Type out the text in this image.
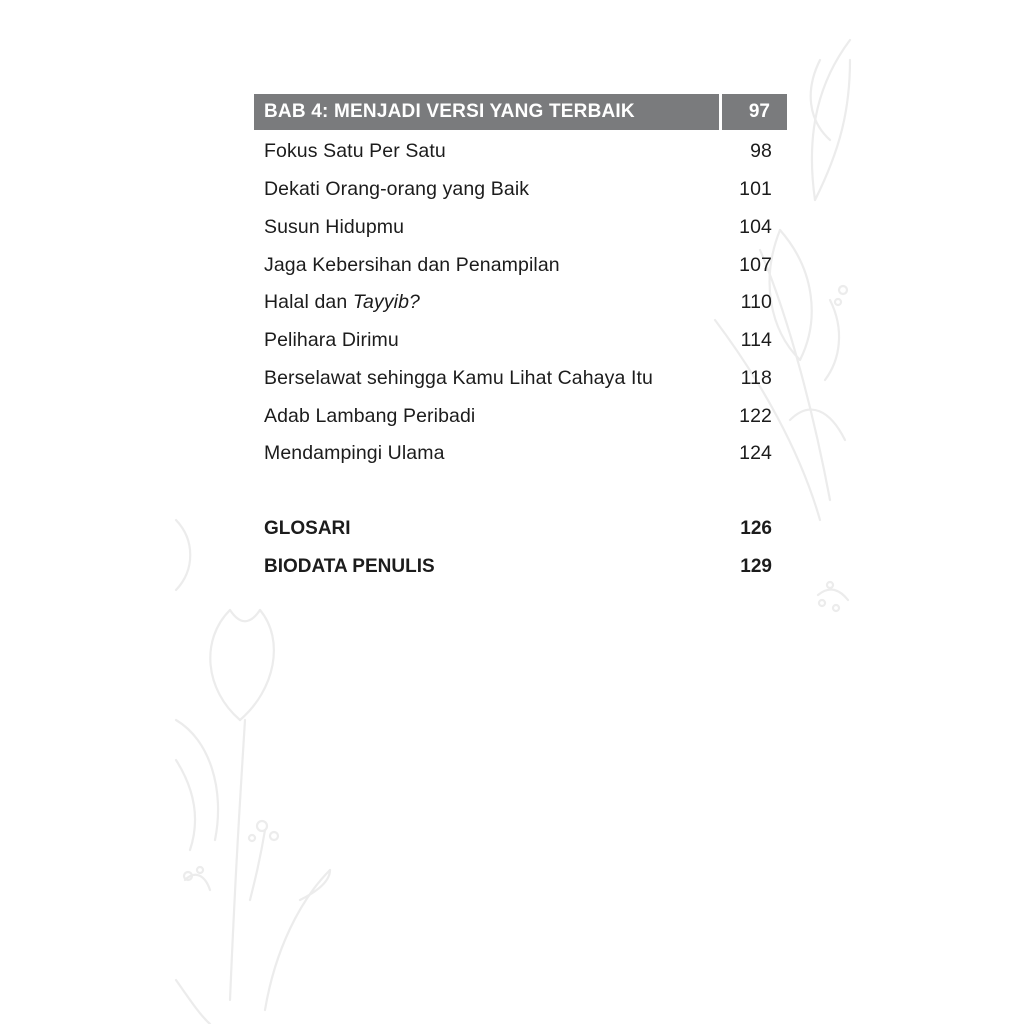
BAB 4: MENJADI VERSI YANG TERBAIK	97
Fokus Satu Per Satu	98
Dekati Orang-orang yang Baik	101
Susun Hidupmu	104
Jaga Kebersihan dan Penampilan	107
Halal dan Tayyib?	110
Pelihara Dirimu	114
Berselawat sehingga Kamu Lihat Cahaya Itu	118
Adab Lambang Peribadi	122
Mendampingi Ulama	124
GLOSARI	126
BIODATA PENULIS	129
